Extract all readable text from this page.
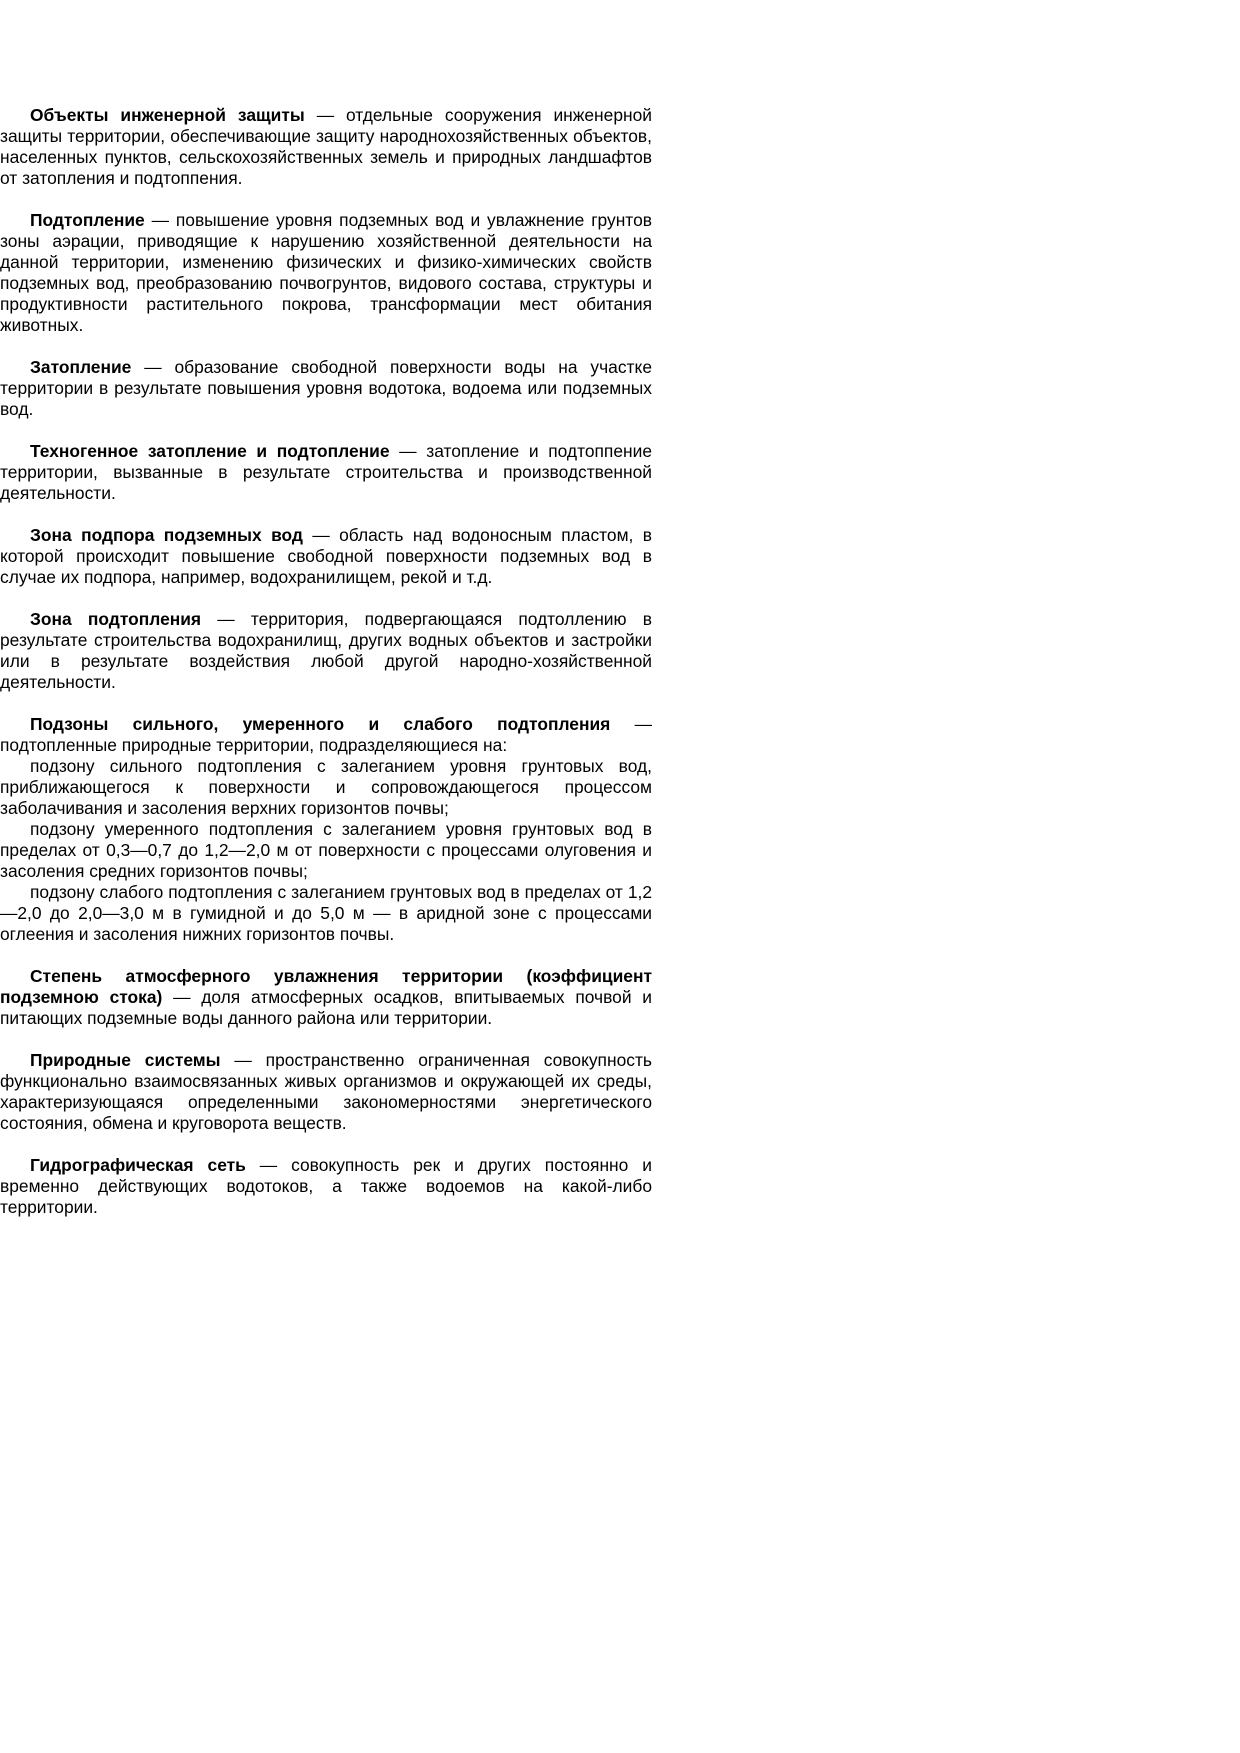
Объекты инженерной защиты — отдельные сооружения инженерной защиты территории, обеспечивающие защиту народнохозяйственных объектов, населенных пунктов, сельскохозяйственных земель и природных ландшафтов от затопления и подтоппения.

Подтопление — повышение уровня подземных вод и увлажнение грунтов зоны аэрации, приводящие к нарушению хозяйственной деятельности на данной территории, изменению физических и физико-химических свойств подземных вод, преобразованию почвогрунтов, видового состава, структуры и продуктивности растительного покрова, трансформации мест обитания животных.

Затопление — образование свободной поверхности воды на участке территории в результате повышения уровня водотока, водоема или подземных вод.

Техногенное затопление и подтопление — затопление и подтоппение территории, вызванные в результате строительства и производственной деятельности.

Зона подпора подземных вод — область над водоносным пластом, в которой происходит повышение свободной поверхности подземных вод в случае их подпора, например, водохранилищем, рекой и т.д.

Зона подтопления — территория, подвергающаяся подтоллению в результате строительства водохранилищ, других водных объектов и застройки или в результате воздействия любой другой народно-хозяйственной деятельности.

Подзоны сильного, умеренного и слабого подтопления — подтопленные природные территории, подразделяющиеся на:

подзону сильного подтопления с залеганием уровня грунтовых вод, приближающегося к поверхности и сопровождающегося процессом заболачивания и засоления верхних горизонтов почвы;

подзону умеренного подтопления с залеганием уровня грунтовых вод в пределах от 0,3—0,7 до 1,2—2,0 м от поверхности с процессами олуговения и засоления средних горизонтов почвы;

подзону слабого подтопления с залеганием грунтовых вод в пределах от 1,2—2,0 до 2,0—3,0 м в гумидной и до 5,0 м — в аридной зоне с процессами оглеения и засоления нижних горизонтов почвы.

Степень атмосферного увлажнения территории (коэффициент подземною стока) — доля атмосферных осадков, впитываемых почвой и питающих подземные воды данного района или территории.

Природные системы — пространственно ограниченная совокупность функционально взаимосвязанных живых организмов и окружающей их среды, характеризующаяся определенными закономерностями энергетического состояния, обмена и круговорота веществ.

Гидрографическая сеть — совокупность рек и других постоянно и временно действующих водотоков, а также водоемов на какой-либо территории.
